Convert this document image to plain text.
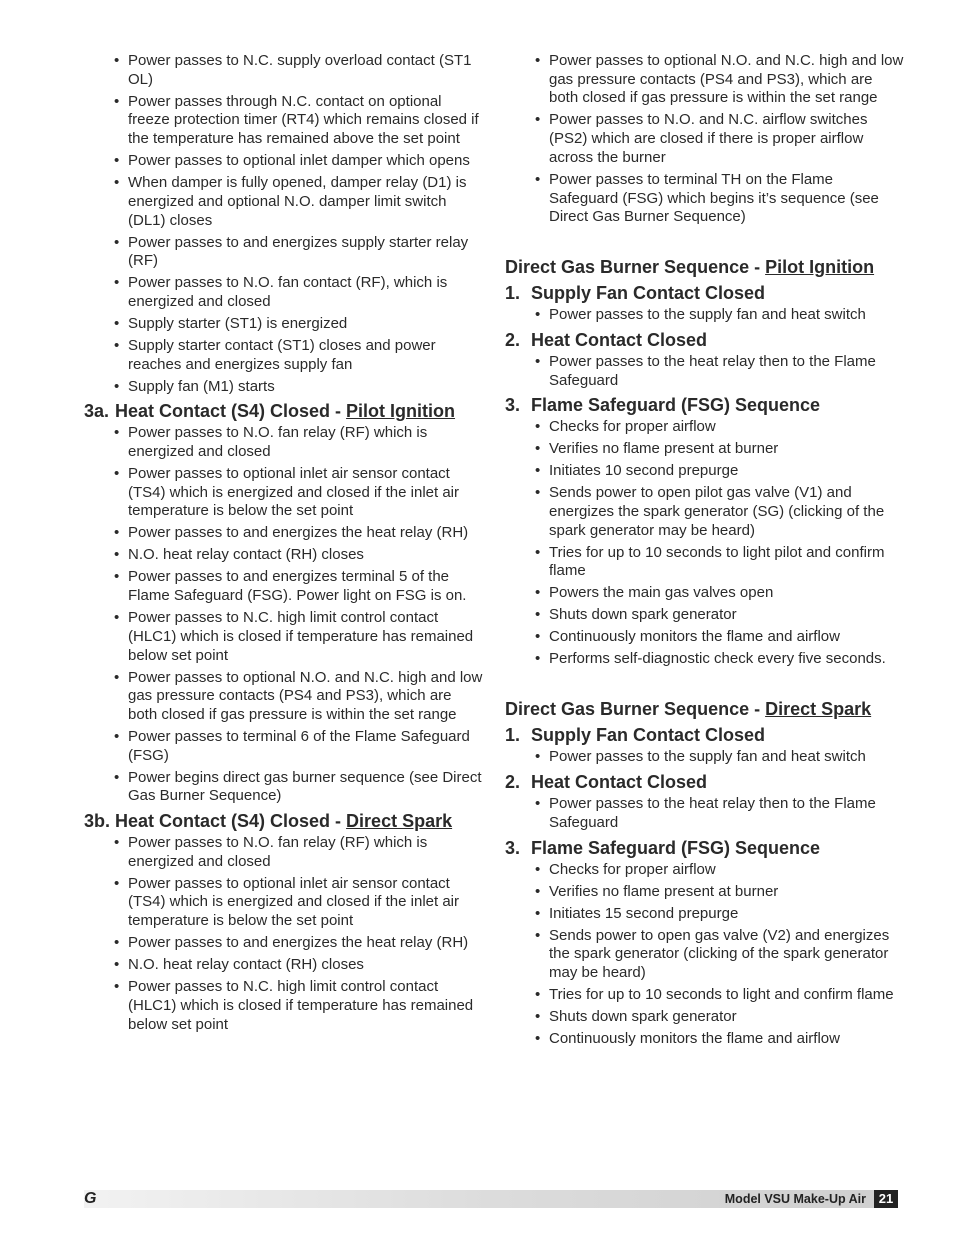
• Power passes to N.C. supply overload contact (ST1 OL)
• Power passes through N.C. contact on optional freeze protection timer (RT4) which remains closed if the temperature has remained above the set point
• Power passes to optional inlet damper which opens
• When damper is fully opened, damper relay (D1) is energized and optional N.O. damper limit switch (DL1) closes
• Power passes to and energizes supply starter relay (RF)
• Power passes to N.O. fan contact (RF), which is energized and closed
• Supply starter (ST1) is energized
• Supply starter contact (ST1) closes and power reaches and energizes supply fan
• Supply fan (M1) starts
3a. Heat Contact (S4) Closed - Pilot Ignition
• Power passes to N.O. fan relay (RF) which is energized and closed
• Power passes to optional inlet air sensor contact (TS4) which is energized and closed if the inlet air temperature is below the set point
• Power passes to and energizes the heat relay (RH)
• N.O. heat relay contact (RH) closes
• Power passes to and energizes terminal 5 of the Flame Safeguard (FSG). Power light on FSG is on.
• Power passes to N.C. high limit control contact (HLC1) which is closed if temperature has remained below set point
• Power passes to optional N.O. and N.C. high and low gas pressure contacts (PS4 and PS3), which are both closed if gas pressure is within the set range
• Power passes to terminal 6 of the Flame Safeguard (FSG)
• Power begins direct gas burner sequence (see Direct Gas Burner Sequence)
3b. Heat Contact (S4) Closed - Direct Spark
• Power passes to N.O. fan relay (RF) which is energized and closed
• Power passes to optional inlet air sensor contact (TS4) which is energized and closed if the inlet air temperature is below the set point
• Power passes to and energizes the heat relay (RH)
• N.O. heat relay contact (RH) closes
• Power passes to N.C. high limit control contact (HLC1) which is closed if temperature has remained below set point
• Power passes to optional N.O. and N.C. high and low gas pressure contacts (PS4 and PS3), which are both closed if gas pressure is within the set range
• Power passes to N.O. and N.C. airflow switches (PS2) which are closed if there is proper airflow across the burner
• Power passes to terminal TH on the Flame Safeguard (FSG) which begins it’s sequence (see Direct Gas Burner Sequence)
Direct Gas Burner Sequence - Pilot Ignition
1. Supply Fan Contact Closed
• Power passes to the supply fan and heat switch
2. Heat Contact Closed
• Power passes to the heat relay then to the Flame Safeguard
3. Flame Safeguard (FSG) Sequence
• Checks for proper airflow
• Verifies no flame present at burner
• Initiates 10 second prepurge
• Sends power to open pilot gas valve (V1) and energizes the spark generator (SG) (clicking of the spark generator may be heard)
• Tries for up to 10 seconds to light pilot and confirm flame
• Powers the main gas valves open
• Shuts down spark generator
• Continuously monitors the flame and airflow
• Performs self-diagnostic check every five seconds.
Direct Gas Burner Sequence - Direct Spark
1. Supply Fan Contact Closed
• Power passes to the supply fan and heat switch
2. Heat Contact Closed
• Power passes to the heat relay then to the Flame Safeguard
3. Flame Safeguard (FSG) Sequence
• Checks for proper airflow
• Verifies no flame present at burner
• Initiates 15 second prepurge
• Sends power to open gas valve (V2) and energizes the spark generator (clicking of the spark generator may be heard)
• Tries for up to 10 seconds to light and confirm flame
• Shuts down spark generator
• Continuously monitors the flame and airflow
G	Model VSU Make-Up Air 21
